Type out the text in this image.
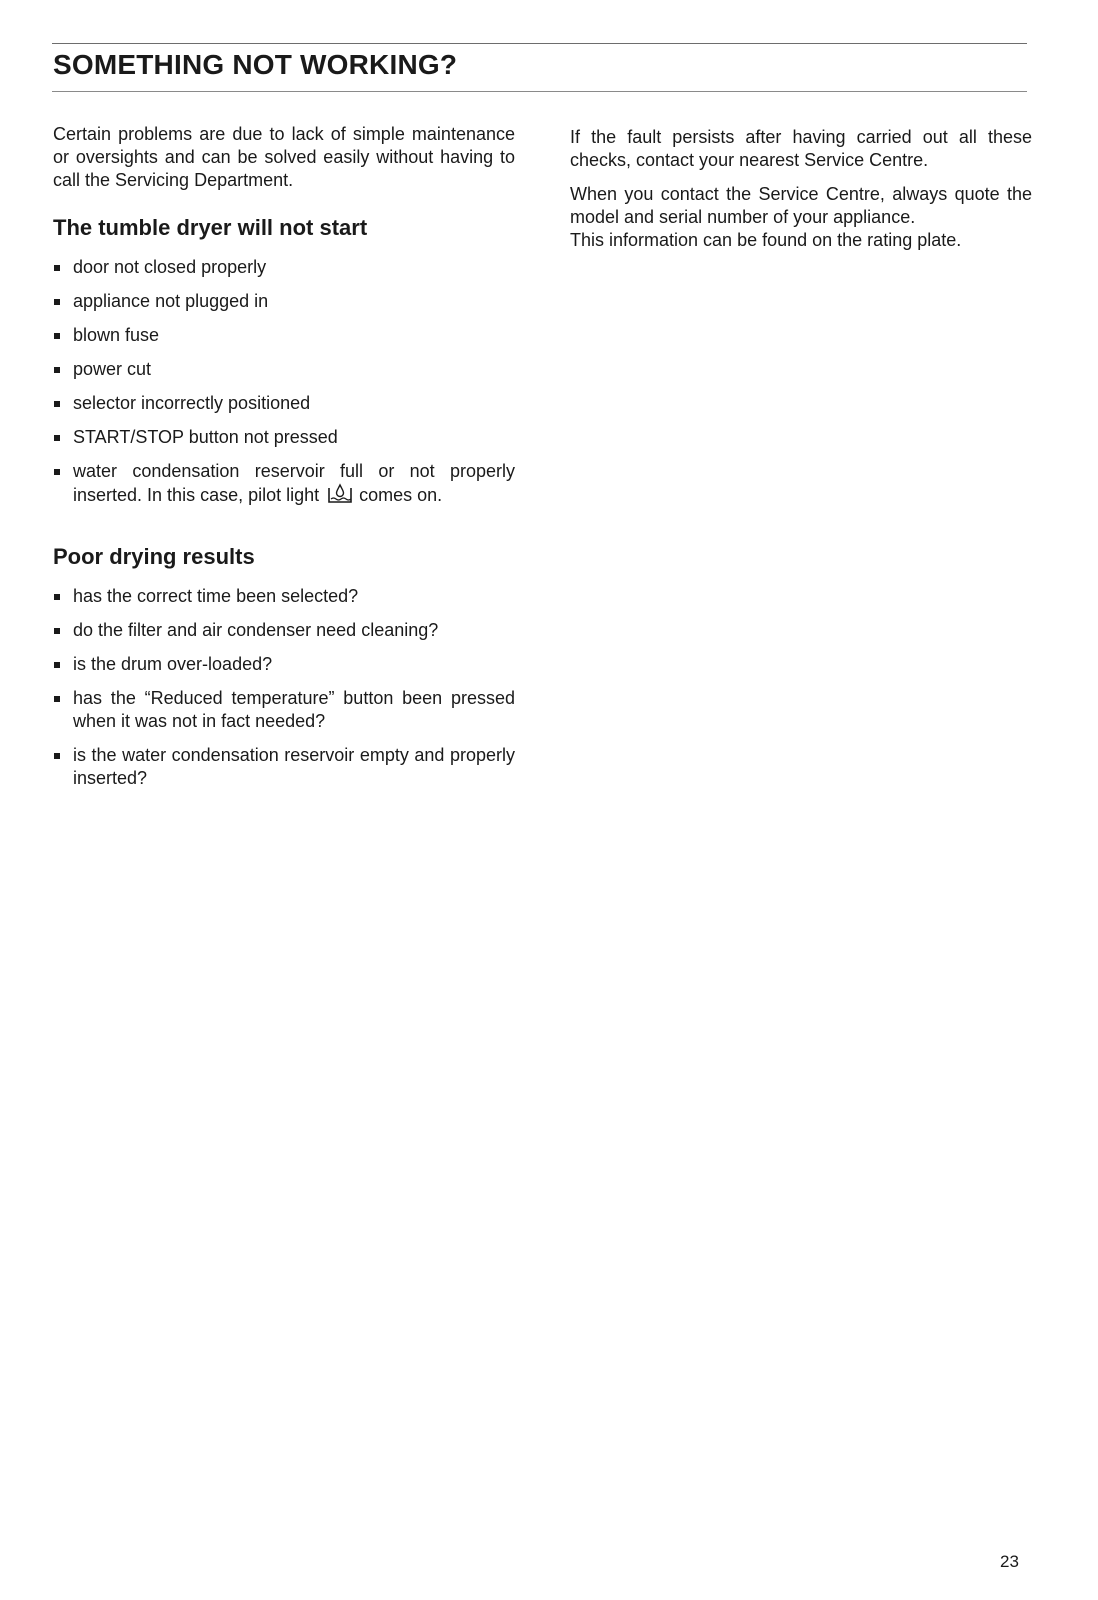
SOMETHING NOT WORKING?

Certain problems are due to lack of simple maintenance or oversights and can be solved easily without having to call the Servicing Department.

The tumble dryer will not start
door not closed properly
appliance not plugged in
blown fuse
power cut
selector incorrectly positioned
START/STOP button not pressed
water condensation reservoir full or not properly inserted. In this case, pilot light comes on.
Poor drying results
has the correct time been selected?
do the filter and air condenser need cleaning?
is the drum over-loaded?
has the “Reduced temperature” button been pressed when it was not in fact needed?
is the water condensation reservoir empty and properly inserted?

If the fault persists after having carried out all these checks, contact your nearest Service Centre.

When you contact the Service Centre, always quote the model and serial number of your appliance.

This information can be found on the rating plate.

23
